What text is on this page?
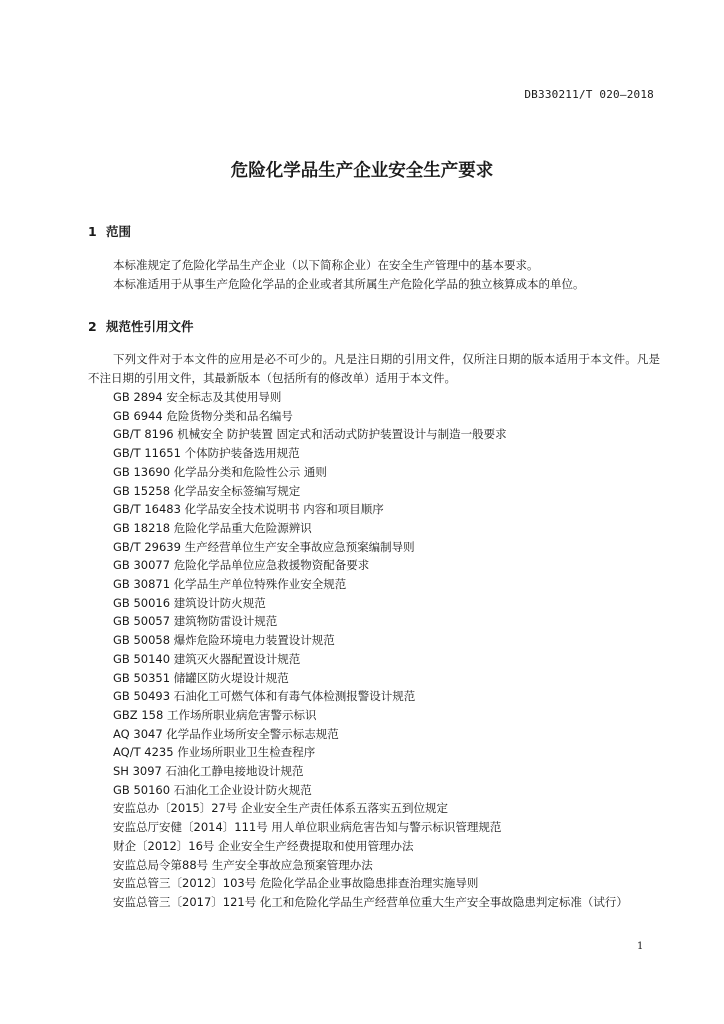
DB330211/T 020—2018
危险化学品生产企业安全生产要求
1 范围

本标准规定了危险化学品生产企业（以下简称企业）在安全生产管理中的基本要求。

本标准适用于从事生产危险化学品的企业或者其所属生产危险化学品的独立核算成本的单位。

2 规范性引用文件

下列文件对于本文件的应用是必不可少的。凡是注日期的引用文件，仅所注日期的版本适用于本文件。凡是不注日期的引用文件，其最新版本（包括所有的修改单）适用于本文件。

GB 2894 安全标志及其使用导则
GB 6944 危险货物分类和品名编号
GB/T 8196 机械安全 防护装置 固定式和活动式防护装置设计与制造一般要求
GB/T 11651 个体防护装备选用规范
GB 13690 化学品分类和危险性公示 通则
GB 15258 化学品安全标签编写规定
GB/T 16483 化学品安全技术说明书 内容和项目顺序
GB 18218 危险化学品重大危险源辨识
GB/T 29639 生产经营单位生产安全事故应急预案编制导则
GB 30077 危险化学品单位应急救援物资配备要求
GB 30871 化学品生产单位特殊作业安全规范
GB 50016 建筑设计防火规范
GB 50057 建筑物防雷设计规范
GB 50058 爆炸危险环境电力装置设计规范
GB 50140 建筑灭火器配置设计规范
GB 50351 储罐区防火堤设计规范
GB 50493 石油化工可燃气体和有毒气体检测报警设计规范
GBZ 158 工作场所职业病危害警示标识
AQ 3047 化学品作业场所安全警示标志规范
AQ/T 4235 作业场所职业卫生检查程序
SH 3097 石油化工静电接地设计规范
GB 50160 石油化工企业设计防火规范
安监总办〔2015〕27号 企业安全生产责任体系五落实五到位规定
安监总厅安健〔2014〕111号 用人单位职业病危害告知与警示标识管理规范
财企〔2012〕16号 企业安全生产经费提取和使用管理办法
安监总局令第88号 生产安全事故应急预案管理办法
安监总管三〔2012〕103号 危险化学品企业事故隐患排查治理实施导则
安监总管三〔2017〕121号 化工和危险化学品生产经营单位重大生产安全事故隐患判定标准（试行）
1
